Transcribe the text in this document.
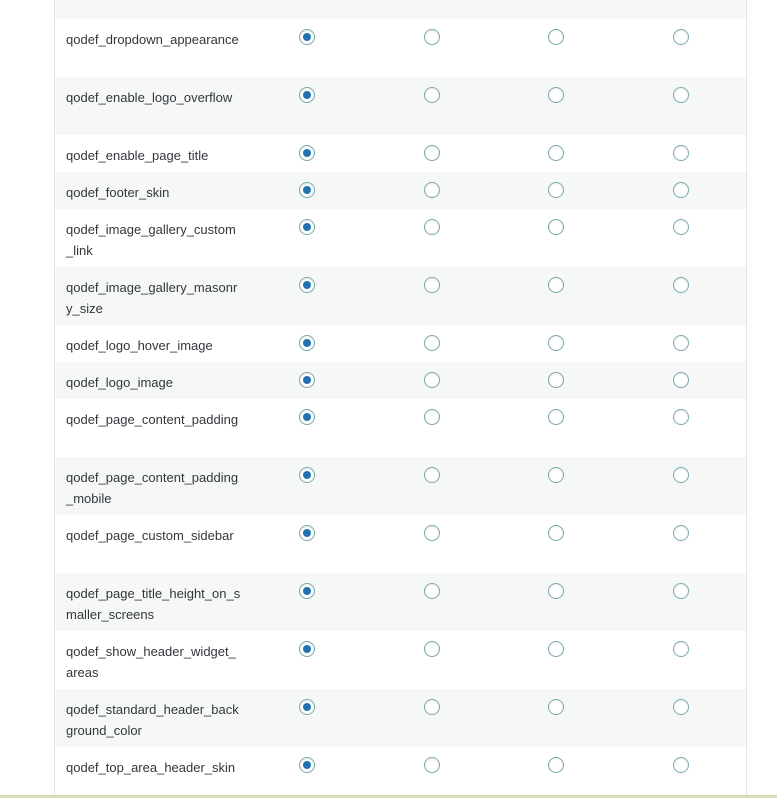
qodef_dropdown_appearance
qodef_enable_logo_overflow
qodef_enable_page_title
qodef_footer_skin
qodef_image_gallery_custom_link
qodef_image_gallery_masonry_size
qodef_logo_hover_image
qodef_logo_image
qodef_page_content_padding
qodef_page_content_padding_mobile
qodef_page_custom_sidebar
qodef_page_title_height_on_smaller_screens
qodef_show_header_widget_areas
qodef_standard_header_background_color
qodef_top_area_header_skin
